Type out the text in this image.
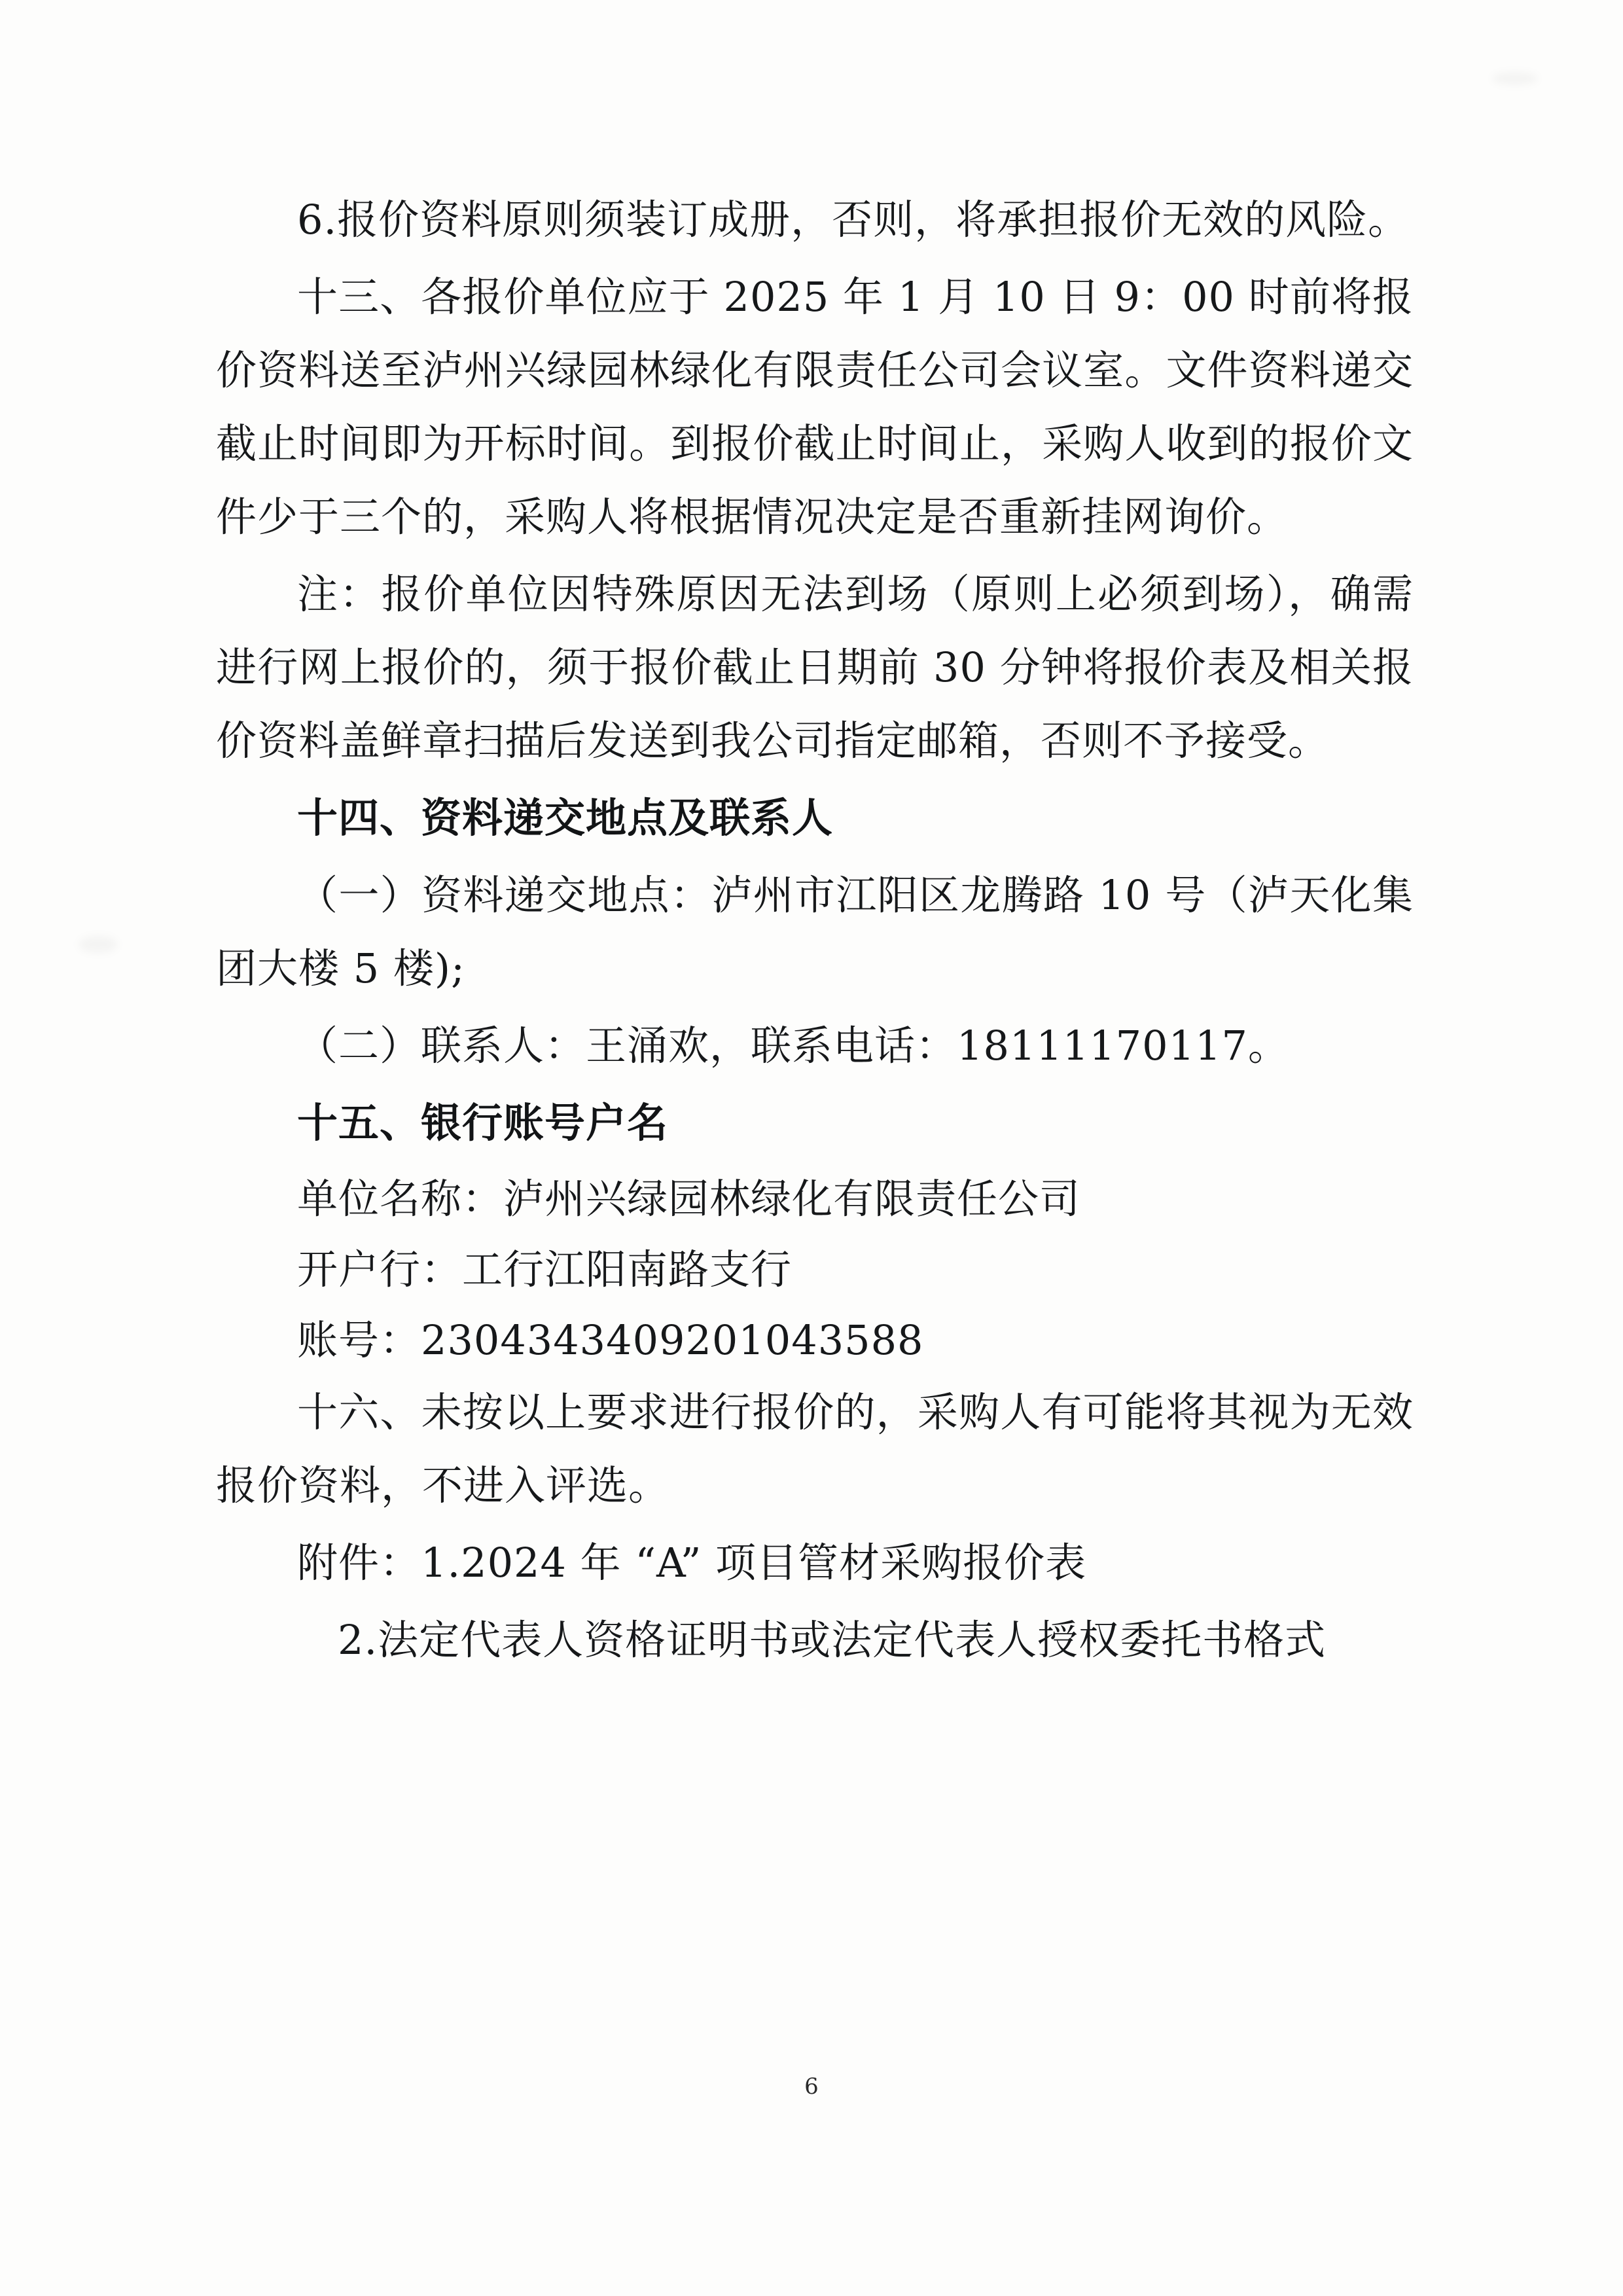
6.报价资料原则须装订成册，否则，将承担报价无效的风险。

十三、各报价单位应于 2025 年 1 月 10 日 9：00 时前将报价资料送至泸州兴绿园林绿化有限责任公司会议室。文件资料递交截止时间即为开标时间。到报价截止时间止，采购人收到的报价文件少于三个的，采购人将根据情况决定是否重新挂网询价。

注：报价单位因特殊原因无法到场（原则上必须到场），确需进行网上报价的，须于报价截止日期前 30 分钟将报价表及相关报价资料盖鲜章扫描后发送到我公司指定邮箱，否则不予接受。

十四、资料递交地点及联系人

（一）资料递交地点：泸州市江阳区龙腾路 10 号（泸天化集团大楼 5 楼);

（二）联系人：王涌欢，联系电话：18111170117。

十五、银行账号户名

单位名称：泸州兴绿园林绿化有限责任公司

开户行：工行江阳南路支行

账号：2304343409201043588

十六、未按以上要求进行报价的，采购人有可能将其视为无效报价资料，不进入评选。

附件：1.2024 年 “A” 项目管材采购报价表

2.法定代表人资格证明书或法定代表人授权委托书格式

6
